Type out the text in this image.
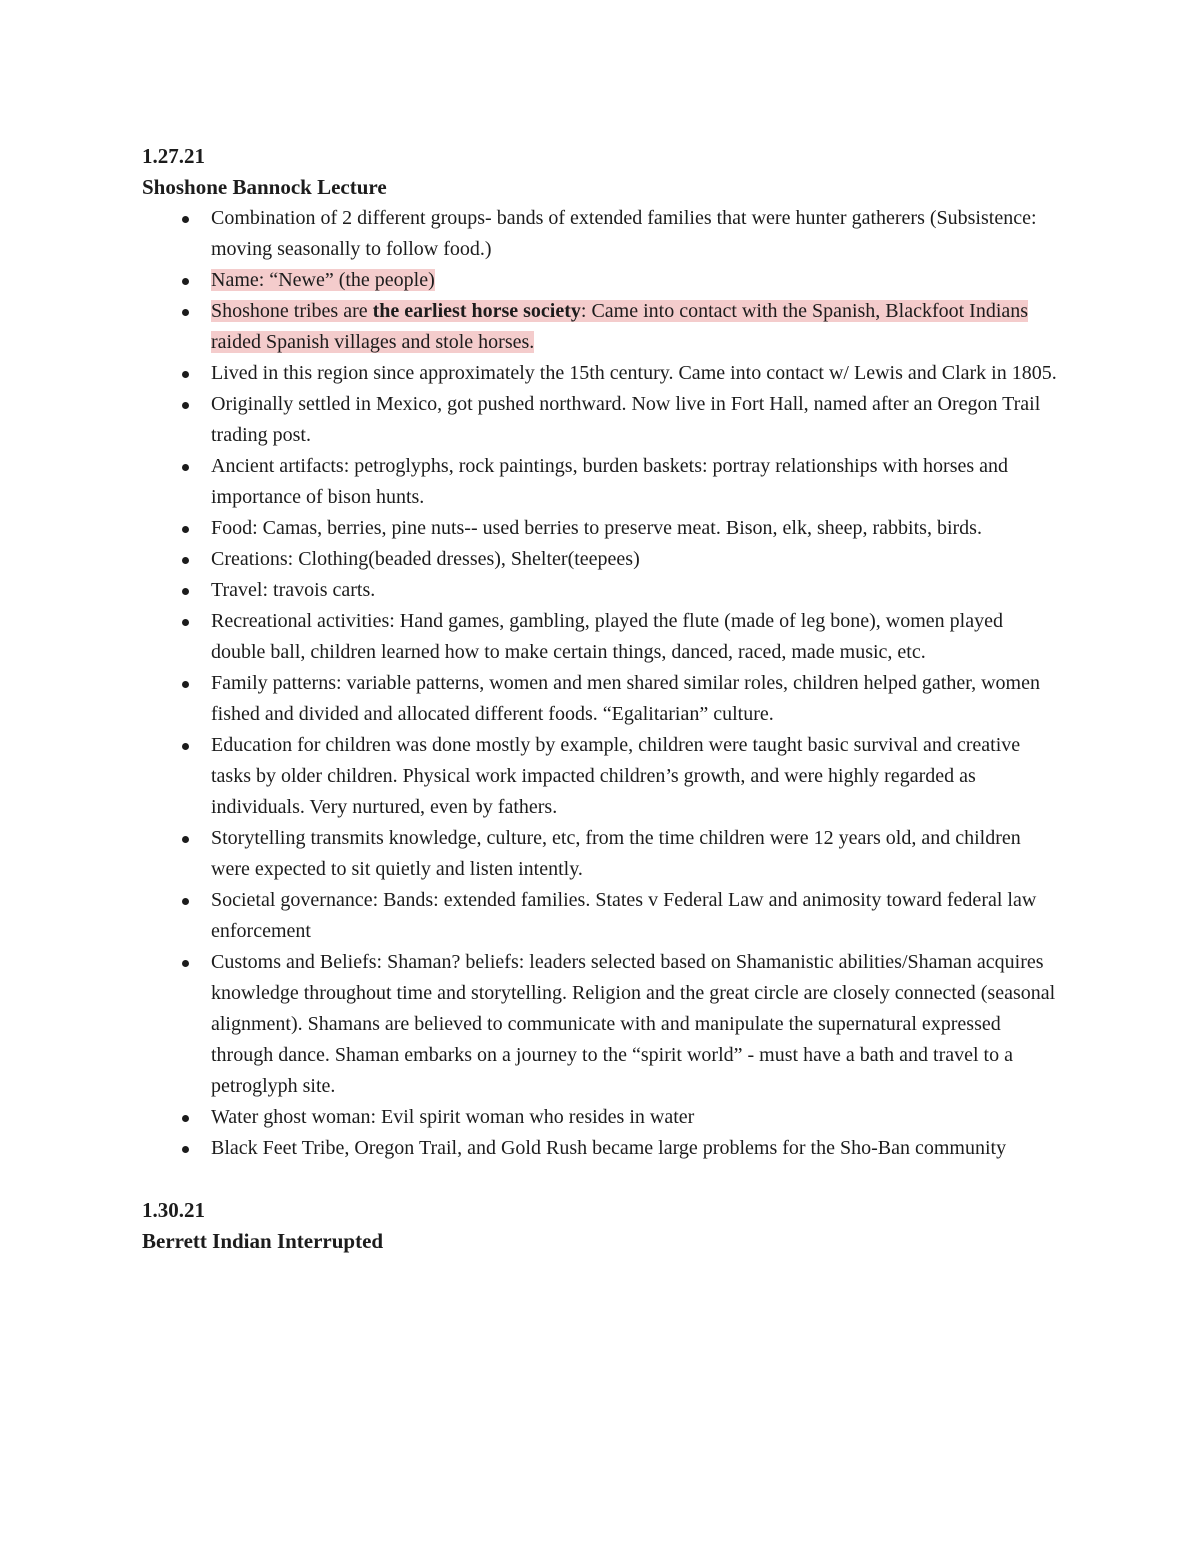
1.27.21

Shoshone Bannock Lecture

Combination of 2 different groups- bands of extended families that were hunter gatherers (Subsistence: moving seasonally to follow food.)
Name: “Newe” (the people)
Shoshone tribes are the earliest horse society: Came into contact with the Spanish, Blackfoot Indians raided Spanish villages and stole horses.
Lived in this region since approximately the 15th century. Came into contact w/ Lewis and Clark in 1805.
Originally settled in Mexico, got pushed northward. Now live in Fort Hall, named after an Oregon Trail trading post.
Ancient artifacts: petroglyphs, rock paintings, burden baskets: portray relationships with horses and importance of bison hunts.
Food: Camas, berries, pine nuts-- used berries to preserve meat. Bison, elk, sheep, rabbits, birds.
Creations: Clothing(beaded dresses), Shelter(teepees)
Travel: travois carts.
Recreational activities: Hand games, gambling, played the flute (made of leg bone), women played double ball, children learned how to make certain things, danced, raced, made music, etc.
Family patterns: variable patterns, women and men shared similar roles, children helped gather, women fished and divided and allocated different foods. “Egalitarian” culture.
Education for children was done mostly by example, children were taught basic survival and creative tasks by older children. Physical work impacted children’s growth, and were highly regarded as individuals. Very nurtured, even by fathers.
Storytelling transmits knowledge, culture, etc, from the time children were 12 years old, and children were expected to sit quietly and listen intently.
Societal governance: Bands: extended families. States v Federal Law and animosity toward federal law enforcement
Customs and Beliefs: Shaman? beliefs: leaders selected based on Shamanistic abilities/Shaman acquires knowledge throughout time and storytelling. Religion and the great circle are closely connected (seasonal alignment). Shamans are believed to communicate with and manipulate the supernatural expressed through dance. Shaman embarks on a journey to the “spirit world” - must have a bath and travel to a petroglyph site.
Water ghost woman: Evil spirit woman who resides in water
Black Feet Tribe, Oregon Trail, and Gold Rush became large problems for the Sho-Ban community

1.30.21

Berrett Indian Interrupted
